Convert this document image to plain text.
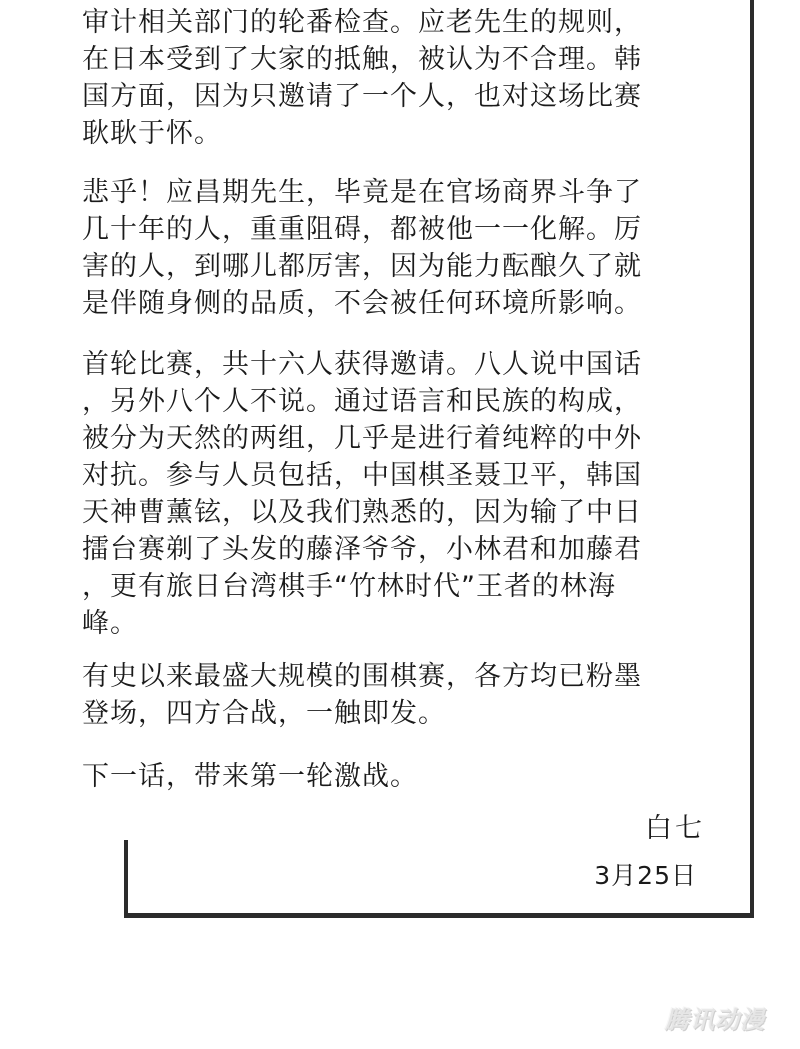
审计相关部门的轮番检查。应老先生的规则，
在日本受到了大家的抵触，被认为不合理。韩
国方面，因为只邀请了一个人，也对这场比赛
耿耿于怀。
悲乎！应昌期先生，毕竟是在官场商界斗争了
几十年的人，重重阻碍，都被他一一化解。厉
害的人，到哪儿都厉害，因为能力酝酿久了就
是伴随身侧的品质，不会被任何环境所影响。
首轮比赛，共十六人获得邀请。八人说中国话
，另外八个人不说。通过语言和民族的构成，
被分为天然的两组，几乎是进行着纯粹的中外
对抗。参与人员包括，中国棋圣聂卫平，韩国
天神曹薰铉，以及我们熟悉的，因为输了中日
擂台赛剃了头发的藤泽爷爷，小林君和加藤君
，更有旅日台湾棋手“竹林时代”王者的林海
峰。
有史以来最盛大规模的围棋赛，各方均已粉墨
登场，四方合战，一触即发。
下一话，带来第一轮激战。
白七
3月25日
腾讯动漫
